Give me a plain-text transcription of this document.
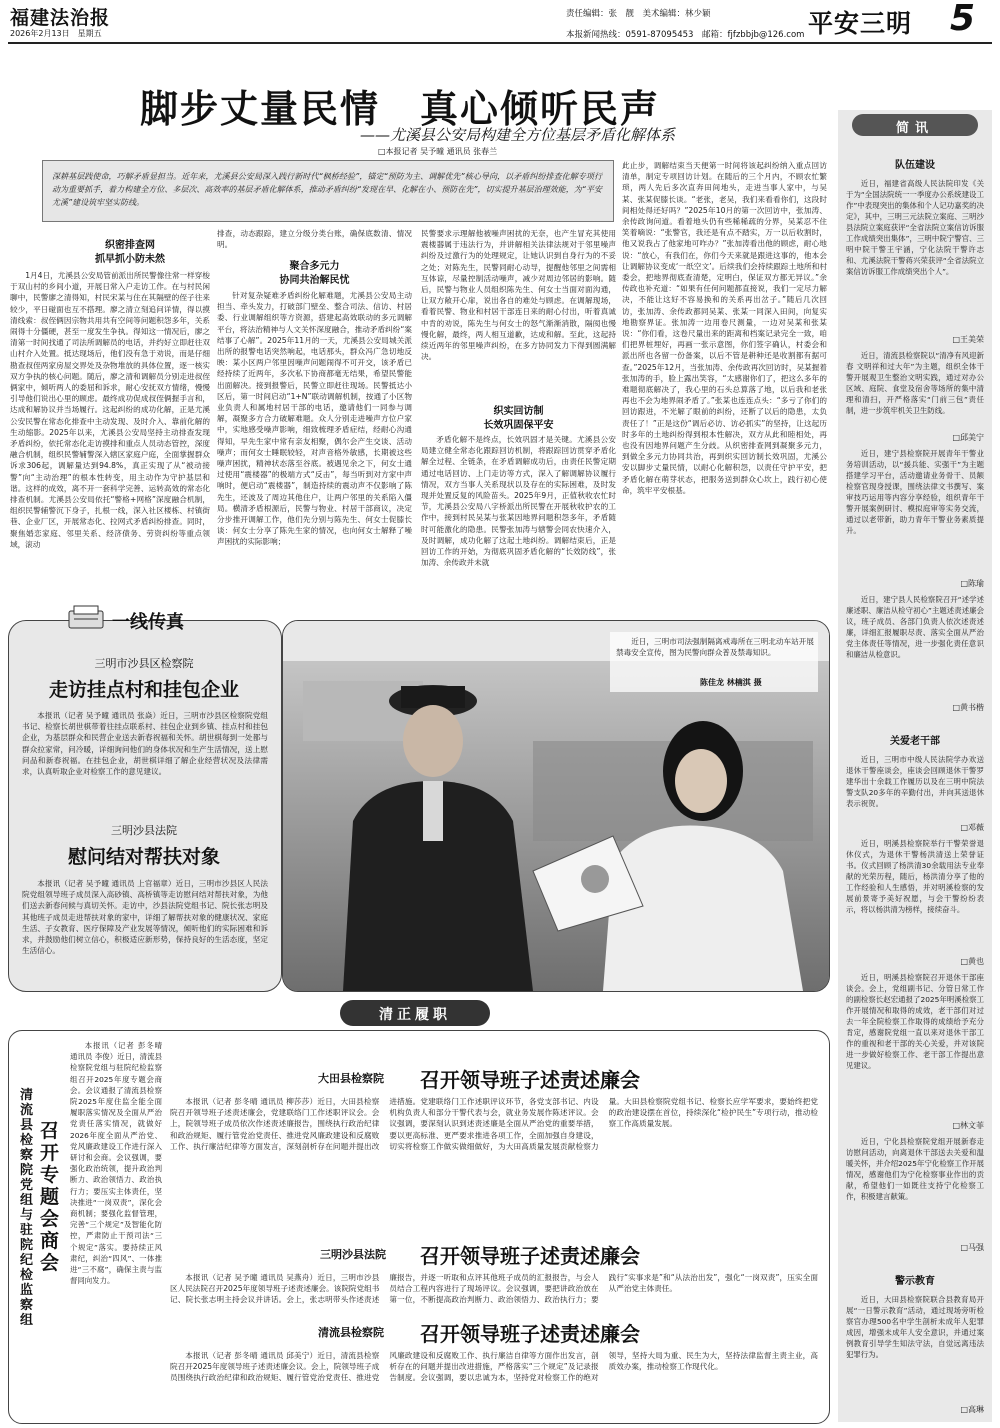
福建法治报
2026年2月13日　 星期五
责任编辑：张　靓　美术编辑：林少颖
本报新闻热线：0591-87095453　 邮箱：fjfzbbjb@126.com 平安三明 5
脚步丈量民情　真心倾听民声
——尤溪县公安局构建全方位基层矛盾化解体系
□本报记者 吴予曈 通讯员 张春兰
深耕基层践使命，巧解矛盾显担当。近年来，尤溪县公安局深入践行新时代“枫桥经验”，锚定“预防为主、调解优先”核心导向，以矛盾纠纷排查化解专项行动为重要抓手，着力构建全方位、多层次、高效率的基层矛盾化解体系，推动矛盾纠纷“发现在早、化解在小、预防在先”，切实提升基层治理效能，为“平安尤溪”建设筑牢坚实防线。
织密排查网
抓早抓小防未然

1月4日，尤溪县公安局管前派出所民警像往常一样穿梭于双山村的乡间小道，开展日常入户走访工作。在与村民闲聊中，民警廖之清得知，村民宋某与住在其隔壁的侄子往来较少，平日碰面也互不搭理。廖之清立刻追问详情，得以摸清线索：叔侄俩因宗物共用共有空间等问题积怨多年，关系闹得十分僵硬，甚至一度发生争执。得知这一情况后，廖之清第一时间找通了司法所调解员的电话，并约好立即赶往双山村介入处置。抵达现场后，他们没有急于劝说，而是仔细勘查叔侄两家房屋交界处及杂物堆放的具体位置，逐一核实双方争执的核心问题。随后，廖之清和调解员分别走进叔侄俩家中，倾听两人的委屈和诉求，耐心安抚双方情绪，慢慢引导他们说出心里的顾虑。最终成功促成叔侄俩握手言和，达成和解协议并当场履行。这起纠纷的成功化解，正是尤溪公安民警在常态化排查中主动发现、及时介入、靠前化解的生动缩影。2025年以来，尤溪县公安局坚持主动排查发现矛盾纠纷，依托常态化走访摸排和重点人员动态管控，深度融合机制，组织民警辅警深入辖区家庭户庭，全面掌握群众诉求306起，调解量达到94.8%，真正实现了从“被动接警”向“主动治理”的根本性转变，用主动作为守护基层和谐。这样的成效，离不开一套科学完善、运转高效的常态化排查机制。尤溪县公安局依托“警格+网格”深度融合机制，组织民警辅警沉下身子，扎根一线，深入社区楼栋、村镇街巷、企业厂区，开展常态化、拉网式矛盾纠纷排查。同时，聚焦婚恋家庭、邻里关系、经济债务、劳资纠纷等重点领域，滚动

排查，动态跟踪，建立分级分类台账，确保底数清、情况明。

聚合多元力
协同共治解民忧

针对复杂疑难矛盾纠纷化解难题，尤溪县公安局主动担当、牵头发力，打破部门壁垒、整合司法、信访、村居委、行业调解组织等方资源，搭建起高效联动的多元调解平台，将法治精神与人文关怀深度融合，推动矛盾纠纷“案结事了心解”。2025年11月的一天，尤溪县公安局城关派出所的报警电话突然响起，电话那头，群众冯广急切地反映：某小区两户邻里因噪声问题闹得不可开交，该矛盾已经持续了近两年，多次私下协商都毫无结果，希望民警能出面解决。接到报警后，民警立即赶往现场。民警抵达小区后，第一时间启动“1+N”联动调解机制，按通了小区物业负责人和属地村居干部的电话，邀请他们一同参与调解，凝聚多方合力破解难题。众人分别走进噪声方位户家中，实地感受噪声影响，细致梳理矛盾症结，经耐心沟通得知，早先生家中常有亲友相聚，偶尔会产生交谈、活动噪声；而何女士睡眠较轻，对声音格外敏感，长期被这些噪声困扰，精神状态落至谷底。被遇见余之下，何女士通过使用“震楼器”的极端方式“反击”，每当听到对方家中声响时，便启动“震楼器”，制造持续的震动声不仅影响了陈先生，还波及了周边其他住户，让两户邻里的关系陷入僵局。横清矛盾根源后，民警与物业、村居干部商议，决定分步推开调解工作，他们先分别与陈先生、何女士促膝长谈：何女士分享了陈先生家的情况，也向何女士解释了噪声困扰的实际影响；

民警要求示理解他被噪声困扰的无奈，也产生冒充其使用震楼器属于违法行为，并讲解相关法律法规对于邻里噪声纠纷及过激行为的处理规定，让她认识到自身行为的不妥之处；对陈先生，民警同耐心动导，提醒他邻里之间需相互体谅，尽量控制活动噪声，减少对周边邻居的影响。随后，民警与物业人员组织陈先生、何女士当面对面沟通，让双方敞开心扉，说出各自的难处与顾虑。在调解现场，看着民警、物业和村居干部连日来的耐心付出，听着真诚中肯的劝说，陈先生与何女士的怒气渐渐消散，隔阂也慢慢化解，最终，两人相互道歉，达成和解。至此，这起持续近两年的邻里噪声纠纷，在多方协同发力下得到圆满解决。

织实回访制
长效巩固保平安

矛盾化解不是终点，长效巩固才是关键。尤溪县公安局建立健全常态化跟踪回访机制，将跟踪回访贯穿矛盾化解全过程、全链条，在矛盾调解成功后，由责任民警定期通过电话回访、上门走访等方式，深入了解调解协议履行情况，双方当事人关系现状以及存在的实际困难，及时发现并处置反复的风险苗头。2025年9月，正值秋收农忙时节，尤溪县公安局八字桥派出所民警在开展秋收护农的工作中，接到村民吴某与张某因地界问题积怨多年，矛盾随时可能激化的隐患。民警张加涛与辖警会同农快速介入，及时调解，成功化解了这起土地纠纷。调解结束后，正是回访工作的开始，为彻底巩固矛盾化解的“长效防线”，张加涛、余传政并未就

此止步，调解结束当天便第一时间将该起纠纷纳入重点回访清单，制定专项回访计划。在随后的三个月内，不顾农忙繁琐，两人先后多次直奔田间地头，走进当事人家中，与吴某、张某促膝长谈。“老张，老吴，我们来看看你们，这段时间相处得还好吗？”2025年10月的第一次回访中，张加涛、余传政询问道。看着地头仍有些稀稀疏的分界，吴某忍不住笑着嘀说：“张警官，我还是有点不踏实，万一以后收割时，他又说我占了他家地可咋办？”张加涛看出他的顾虑，耐心地说：“放心，有我们在，你们今天来就是跟进这事的，他本会让调解协议变成‘一纸空文’。后续我们会持续跟踪土地所和村委会，把地界彻底查清楚，定明白，保证双方都无异议。”余传政也补充道：“如果有任何问题都直接说，我们一定尽力解决，不能让这好不容易换和的关系再出岔子。”随后几次回访，张加涛、余传政都同吴某、张某一同深入田间，向复实地勘察界证。张加涛一边用卷尺测量，一边对吴某和张某说：“你们看，这卷尺量出来的距离和档案记录完全一致，咱们把界桩埋好，再画一张示意图，你们签字确认，村委会和派出所也各留一份备案，以后不管是耕种还是收割都有据可查。”2025年12月，当张加涛、余传政再次回访时，吴某握着张加涛的手，脸上露出笑容，“太感谢你们了，把这么多年的难题彻底解决了，我心里的石头总算落了地，以后我和老张再也不会为地界闹矛盾了。”张某也连连点头：“多亏了你们的回访跟进，不光解了眼前的纠纷，还断了以后的隐患，太负责任了！”正是这份“调后必访、访必抓实”的坚持，让这起历时多年的土地纠纷得到根本性解决，双方从此和睦相处，再也没有因地界问题产生分歧。从织密排查网到凝聚多元力，到做全多元力协同共治，再到织实回访制长效巩固，尤溪公安以脚步丈量民情，以耐心化解积怨，以责任守护平安，把矛盾化解在萌芽状态，把服务送到群众心坎上，践行初心使命，筑牢平安根基。

一线传真
三明市沙县区检察院
走访挂点村和挂包企业

本报讯（记者 吴予曈 通讯员 张焱）近日，三明市沙县区检察院党组书记、检察长胡世棋带着往挂点联系村、挂包企业到乡镇、挂点村和挂包企业，为基层群众和民营企业送去新春祝福和关怀。胡世棋每到一处都与群众拉家常，问冷暖，详细询问他们的身体状况和生产生活情况，送上慰问品和新春祝福。在挂包企业，胡世棋详细了解企业经营状况及法律需求，认真听取企业对检察工作的意见建议。

三明沙县法院
慰问结对帮扶对象

本报讯（记者 吴予曈 通讯员 上官福章）近日，三明市沙县区人民法院党组领导班子成员深入高砂镇、高桥镇等走访慰问结对帮扶对象，为他们送去新春问候与真切关怀。走访中，沙县法院党组书记、院长张志明及其他班子成员走进帮扶对象的家中，详细了解帮扶对象的健康状况、家庭生活、子女教育、医疗保障及产业发展等情况，倾听他们的实际困难和诉求，并鼓励他们树立信心，积极适应新形势，保持良好的生活态度，坚定生活信心。

近日，三明市司法强制隔离戒毒所在三明北动车站开展禁毒安全宣传，图为民警向群众普及禁毒知识。

陈佳龙 林楠淇 摄
清正履职
清流县检察院党组与驻院纪检监察组
召开专题会商会

本报讯（记者 彭冬晴 通讯员 李俊）近日，清流县检察院党组与驻院纪检监察组召开2025年度专题会商会。会议通报了清流县检察院2025年度住监全能全面履职落实情况及全面从严治党责任落实情况，就做好2026年度全面从严治党、党风廉政建设工作进行深入研讨和会商。会议强调，要强化政治统领，提升政治判断力、政治领悟力、政治执行力；要压实主体责任，坚决推进“一岗双责”，深化会商机制；要强化监督管理，完善“三个规定”及智能化防控，严肃防止干预司法“三个规定”落实。要持续正风肃纪，纠治“四风”、一体推进“三不腐”，确保主责与监督同向发力。

大田县检察院 召开领导班子述责述廉会

本报讯（记者 彭冬晴 通讯员 柳莎莎）近日，大田县检察院召开领导班子述责述廉会，党建联络门工作述职评议会。会上，院领导班子成员依次作述责述廉报告，围绕执行政治纪律和政治规矩、履行管党治党责任、推进党风廉政建设和反腐败工作、执行廉洁纪律等方面发言，深刻剖析存在问题并提出改进措施。党建联络门工作述职评议环节，各党支部书记、内设机构负责人和部分干警代表与会，就业务发展作陈述评议。会议强调，要深刻认识到述责述廉是全面从严治党的重要举措，要以更高标准、更严要求推进各项工作，全面加强自身建设，切实将检察工作做实做细做好，为大田高质量发展贡献检察力量。大田县检察院党组书记、检察长应学军要求，要始终把党的政治建设摆在首位，持续深化“检护民生”专项行动，推动检察工作高质量发展。

三明沙县法院 召开领导班子述责述廉会

本报讯（记者 吴予曈 通讯员 吴燕舟）近日，三明市沙县区人民法院召开2025年度领导班子述责述廉会。该院院党组书记、院长张志明主持会议并讲话。会上，张志明带头作述责述廉报告，并逐一听取和点评其他班子成员的汇报报告，与会人员结合工程内容进行了现场评议。会议强调，要把讲政治放在第一位，不断提高政治判断力、政治领悟力、政治执行力；要践行“实事求是”和“从法治出发”，强化“一岗双责”，压实全面从严治党主体责任。

清流县检察院 召开领导班子述责述廉会

本报讯（记者 彭冬晴 通讯员 邱美宁）近日，清流县检察院召开2025年度领导班子述责述廉会议。会上，院领导班子成员围绕执行政治纪律和政治规矩、履行管党治党责任、推进党风廉政建设和反腐败工作、执行廉洁自律等方面作出发言，剖析存在的问题并提出改进措施，严格落实“三个规定”及记录报告制度。会议强调，要以忠诚为本，坚持党对检察工作的绝对领导，坚持大局为重、民生为大，坚持法律监督主责主业，高质效办案，推动检察工作现代化。

简讯
队伍建设

近日，福建省高级人民法院印发《关于为“全国法院统一一季度办公系统建设工作”中表现突出的集体和个人记功嘉奖的决定》，其中，三明三元法院立案庭、三明沙县法院立案庭获评“全省法院立案信访诉服工作成绩突出集体”，三明中院宁警官、三明中院干警王宇涵，宁化法院干警许志和、尤溪法院干警蒋兴荣获评“全省法院立案信访诉服工作成绩突出个人”。

□王美荣

近日，清流县检察院以“清净有风迎新春 文明祥和过大年”为主题，组织全体干警开展观卫生整治文明实践，通过对办公区域、庭院、食堂及宿舍等场所的集中清理和清扫，开严格落实“门前三包”责任制，进一步筑牢机关卫生防线。

□邱美宁

近日，建宁县检察院开展青年干警业务培训活动，以“援兵能、实强干”为主题搭建学习平台，活动邀请业务骨干、员额检察官现身授课，围绕法律文书撰写、案审技巧运用等内容分享经验，组织青年干警开展案例研讨、模拟庭审等实务交流，通过以老带新，助力青年干警业务素质提升。

□陈瑜

近日，建宁县人民检察院召开“述学述廉述职、廉洁从检守初心”主题述责述廉会议，班子成员、各部门负责人依次述责述廉，详细汇报履职尽责、落实全面从严治党主体责任等情况，进一步强化责任意识和廉洁从检意识。

□黄书楷
关爱老干部

近日，三明市中级人民法院学办欢送退休干警座谈会，座谈会回顾退休干警罗建华出十余载工作履历以及在三明中院法警支队20多年的辛勤付出，并向其送退休表示祝贺。

□邓薇

近日，明溪县检察院举行干警荣誉退休仪式，为退休干警杨洪清送上荣誉证书。仪式回顾了杨洪清30余载用法专业奉献的光荣历程，随后，杨洪清分享了他的工作经验和人生感悟，并对明溪检察的发展前景寄予美好祝愿，与会干警纷纷表示，将以杨洪清为榜样，接续奋斗。

□黄也

近日，明溪县检察院召开退休干部座谈会。会上，党组副书记、分管日常工作的副检察长赵宏通报了2025年明溪检察工作开展情况和取得的成效，老干部们对过去一年全院检察工作取得的成绩给予充分肯定，感谢院党组一直以来对退休干部工作的重视和老干部的关心关爱，并对该院进一步做好检察工作、老干部工作提出意见建议。

□林文菲

近日，宁化县检察院党组开展新春走访慰问活动，向离退休干部送去关爱和温暖关怀，并介绍2025年宁化检察工作开展情况，感谢他们为宁化检察事业作出的贡献，希望他们一如既往支持宁化检察工作，积极建言献策。

□马强
警示教育

近日，大田县检察院联合县教育局开展“一日警示教育”活动，通过现场旁听检察官办理500名中学生剖析未成年人犯罪成因，增强未成年人安全意识，并通过案例教育引导学生知法守法，自觉远离违法犯罪行为。

□高琳
